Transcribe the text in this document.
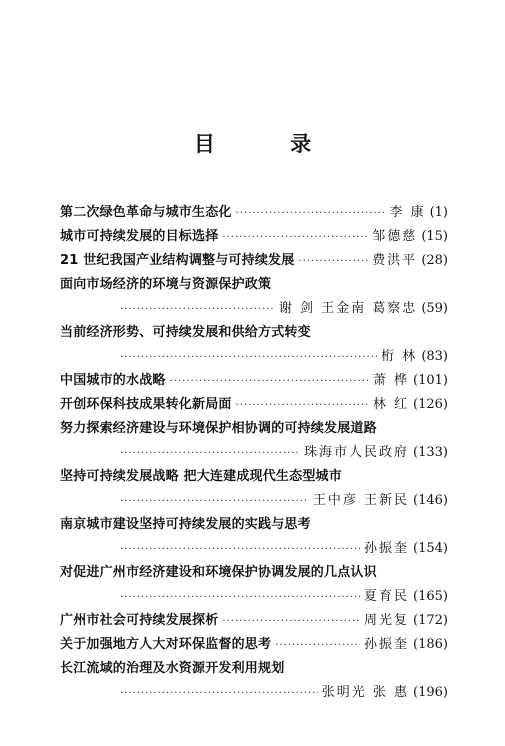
目 录
第二次绿色革命与城市生态化 ·····	李 康 (1)
城市可持续发展的目标选择 ·····	邹德慈 (15)
21 世纪我国产业结构调整与可持续发展 ·····	费洪平 (28)
面向市场经济的环境与资源保护政策
·····
谢 剑 王金南 葛察忠 (59)
当前经济形势、可持续发展和供给方式转变
·····
桁 林 (83)
中国城市的水战略 ·····	萧 桦 (101)
开创环保科技成果转化新局面 ·····	林 红 (126)
努力探索经济建设与环境保护相协调的可持续发展道路
·····
珠海市人民政府 (133)
坚持可持续发展战略 把大连建成现代生态型城市
·····
王中彦 王新民 (146)
南京城市建设坚持可持续发展的实践与思考
·····
孙振奎 (154)
对促进广州市经济建设和环境保护协调发展的几点认识
·····
夏育民 (165)
广州市社会可持续发展探析 ·····	周光复 (172)
关于加强地方人大对环保监督的思考 ·····	孙振奎 (186)
长江流域的治理及水资源开发利用规划
·····
张明光 张 惠 (196)
